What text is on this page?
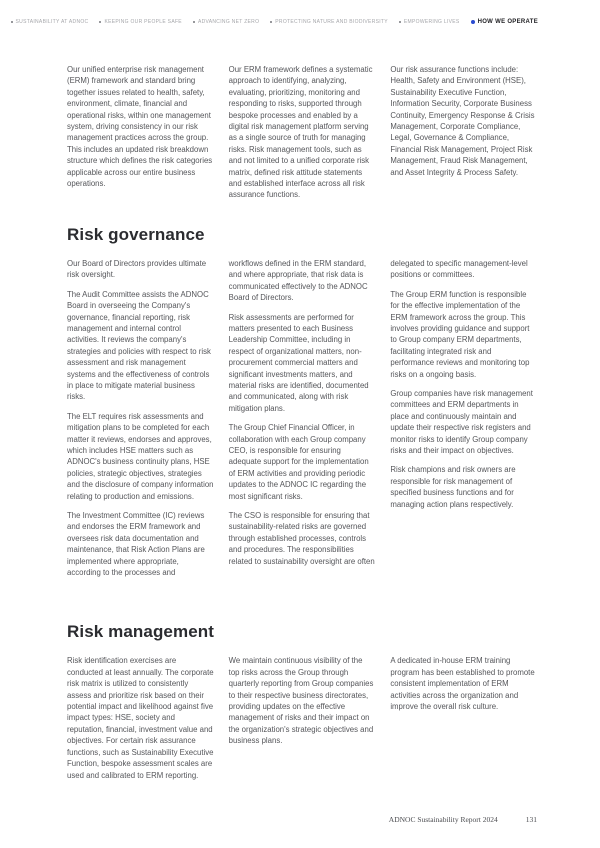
SUSTAINABILITY AT ADNOC	KEEPING OUR PEOPLE SAFE	ADVANCING NET ZERO	PROTECTING NATURE AND BIODIVERSITY	EMPOWERING LIVES	HOW WE OPERATE

Our unified enterprise risk management (ERM) framework and standard bring together issues related to health, safety, environment, climate, financial and operational risks, within one management system, driving consistency in our risk management practices across the group. This includes an updated risk breakdown structure which defines the risk categories applicable across our entire business operations.

Our ERM framework defines a systematic approach to identifying, analyzing, evaluating, prioritizing, monitoring and responding to risks, supported through bespoke processes and enabled by a digital risk management platform serving as a single source of truth for managing risks. Risk management tools, such as and not limited to a unified corporate risk matrix, defined risk attitude statements and established interface across all risk assurance functions.

Our risk assurance functions include: Health, Safety and Environment (HSE), Sustainability Executive Function, Information Security, Corporate Business Continuity, Emergency Response & Crisis Management, Corporate Compliance, Legal, Governance & Compliance, Financial Risk Management, Project Risk Management, Fraud Risk Management, and Asset Integrity & Process Safety.

Risk governance

Our Board of Directors provides ultimate risk oversight.

The Audit Committee assists the ADNOC Board in overseeing the Company's governance, financial reporting, risk management and internal control activities. It reviews the company's strategies and policies with respect to risk assessment and risk management systems and the effectiveness of controls in place to mitigate material business risks.

The ELT requires risk assessments and mitigation plans to be completed for each matter it reviews, endorses and approves, which includes HSE matters such as ADNOC's business continuity plans, HSE policies, strategic objectives, strategies and the disclosure of company information relating to production and emissions.

The Investment Committee (IC) reviews and endorses the ERM framework and oversees risk data documentation and maintenance, that Risk Action Plans are implemented where appropriate, according to the processes and

workflows defined in the ERM standard, and where appropriate, that risk data is communicated effectively to the ADNOC Board of Directors.

Risk assessments are performed for matters presented to each Business Leadership Committee, including in respect of organizational matters, non-procurement commercial matters and significant investments matters, and material risks are identified, documented and communicated, along with risk mitigation plans.

The Group Chief Financial Officer, in collaboration with each Group company CEO, is responsible for ensuring adequate support for the implementation of ERM activities and providing periodic updates to the ADNOC IC regarding the most significant risks.

The CSO is responsible for ensuring that sustainability-related risks are governed through established processes, controls and procedures. The responsibilities related to sustainability oversight are often

delegated to specific management-level positions or committees.

The Group ERM function is responsible for the effective implementation of the ERM framework across the group. This involves providing guidance and support to Group company ERM departments, facilitating integrated risk and performance reviews and monitoring top risks on a ongoing basis.

Group companies have risk management committees and ERM departments in place and continuously maintain and update their respective risk registers and monitor risks to identify Group company risks and their impact on objectives.

Risk champions and risk owners are responsible for risk management of specified business functions and for managing action plans respectively.

Risk management

Risk identification exercises are conducted at least annually. The corporate risk matrix is utilized to consistently assess and prioritize risk based on their potential impact and likelihood against five impact types: HSE, society and reputation, financial, investment value and objectives. For certain risk assurance functions, such as Sustainability Executive Function, bespoke assessment scales are used and calibrated to ERM reporting.

We maintain continuous visibility of the top risks across the Group through quarterly reporting from Group companies to their respective business directorates, providing updates on the effective management of risks and their impact on the organization's strategic objectives and business plans.

A dedicated in-house ERM training program has been established to promote consistent implementation of ERM activities across the organization and improve the overall risk culture.

ADNOC Sustainability Report 2024	131
